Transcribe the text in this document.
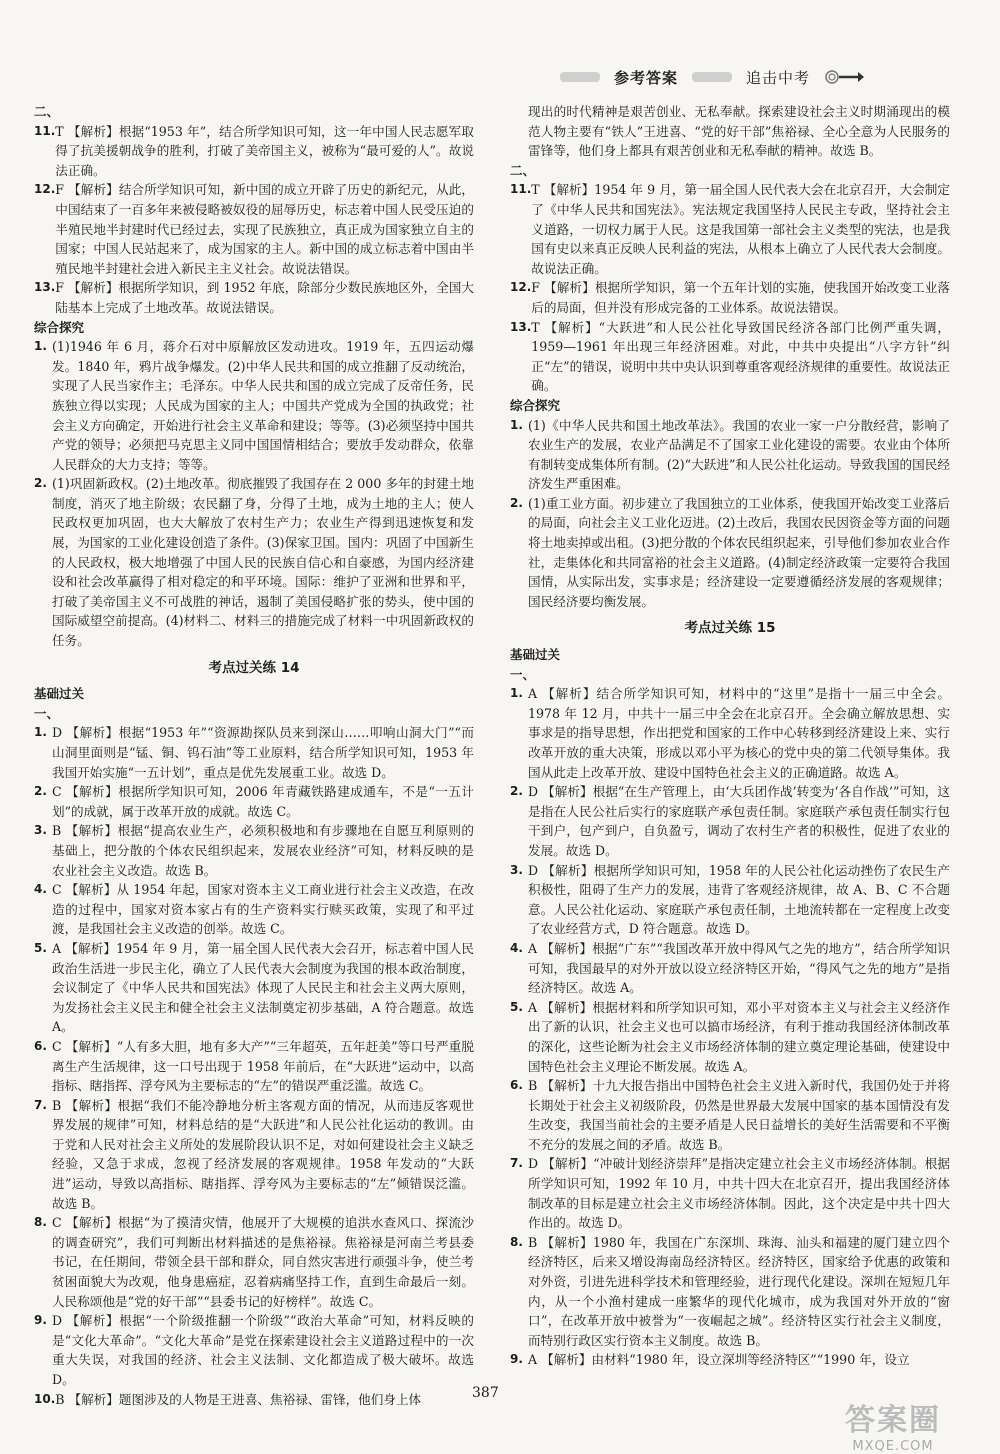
参考答案	追击中考

二、

11. T 【解析】根据“1953 年”，结合所学知识可知，这一年中国人民志愿军取得了抗美援朝战争的胜利，打破了美帝国主义，被称为“最可爱的人”。故说法正确。
12. F 【解析】结合所学知识可知，新中国的成立开辟了历史的新纪元，从此，中国结束了一百多年来被侵略被奴役的屈辱历史，标志着中国人民受压迫的半殖民地半封建时代已经过去，实现了民族独立，真正成为国家独立自主的国家；中国人民站起来了，成为国家的主人。新中国的成立标志着中国由半殖民地半封建社会进入新民主主义社会。故说法错误。
13. F 【解析】根据所学知识，到 1952 年底，除部分少数民族地区外，全国大陆基本上完成了土地改革。故说法错误。

综合探究

1. (1)1946 年 6 月，蒋介石对中原解放区发动进攻。1919 年，五四运动爆发。1840 年，鸦片战争爆发。(2)中华人民共和国的成立推翻了反动统治，实现了人民当家作主；毛泽东。中华人民共和国的成立完成了反帝任务，民族独立得以实现；人民成为国家的主人；中国共产党成为全国的执政党；社会主义方向确定，开始进行社会主义革命和建设；等等。(3)必须坚持中国共产党的领导；必须把马克思主义同中国国情相结合；要放手发动群众，依靠人民群众的大力支持；等等。
2. (1)巩固新政权。(2)土地改革。彻底摧毁了我国存在 2 000 多年的封建土地制度，消灭了地主阶级；农民翻了身，分得了土地，成为土地的主人；使人民政权更加巩固，也大大解放了农村生产力；农业生产得到迅速恢复和发展，为国家的工业化建设创造了条件。(3)保家卫国。国内：巩固了中国新生的人民政权，极大地增强了中国人民的民族自信心和自豪感，为国内经济建设和社会改革赢得了相对稳定的和平环境。国际：维护了亚洲和世界和平，打破了美帝国主义不可战胜的神话，遏制了美国侵略扩张的势头，使中国的国际威望空前提高。(4)材料二、材料三的措施完成了材料一中巩固新政权的任务。

考点过关练 14

基础过关

一、

1. D 【解析】根据“1953 年”“资源勘探队员来到深山……叩响山洞大门”“而山洞里面则是“锰、铜、钨石油”等工业原料，结合所学知识可知，1953 年我国开始实施“一五计划”，重点是优先发展重工业。故选 D。
2. C 【解析】根据所学知识可知，2006 年青藏铁路建成通车，不是“一五计划”的成就，属于改革开放的成就。故选 C。
3. B 【解析】根据“提高农业生产，必须积极地和有步骤地在自愿互利原则的基础上，把分散的个体农民组织起来，发展农业经济”可知，材料反映的是农业社会主义改造。故选 B。
4. C 【解析】从 1954 年起，国家对资本主义工商业进行社会主义改造，在改造的过程中，国家对资本家占有的生产资料实行赎买政策，实现了和平过渡，是我国社会主义改造的创举。故选 C。
5. A 【解析】1954 年 9 月，第一届全国人民代表大会召开，标志着中国人民政治生活进一步民主化，确立了人民代表大会制度为我国的根本政治制度，会议制定了《中华人民共和国宪法》体现了人民民主和社会主义两大原则，为发扬社会主义民主和健全社会主义法制奠定初步基础，A 符合题意。故选 A。
6. C 【解析】“人有多大胆，地有多大产”“三年超英，五年赶美”等口号严重脱离生产生活规律，这一口号出现于 1958 年前后，在“大跃进”运动中，以高指标、瞎指挥、浮夸风为主要标志的“左”的错误严重泛滥。故选 C。
7. B 【解析】根据“我们不能冷静地分析主客观方面的情况，从而违反客观世界发展的规律”可知，材料总结的是“大跃进”和人民公社化运动的教训。由于党和人民对社会主义所处的发展阶段认识不足，对如何建设社会主义缺乏经验，又急于求成，忽视了经济发展的客观规律。1958 年发动的“大跃进”运动，导致以高指标、瞎指挥、浮夸风为主要标志的“左”倾错误泛滥。故选 B。
8. C 【解析】根据“为了摸清灾情，他展开了大规模的追洪水查风口、探流沙的调查研究”，我们可判断出材料描述的是焦裕禄。焦裕禄是河南兰考县委书记，在任期间，带领全县干部和群众，同自然灾害进行顽强斗争，使兰考贫困面貌大为改观，他身患癌症，忍着病痛坚持工作，直到生命最后一刻。人民称颂他是“党的好干部”“县委书记的好榜样”。故选 C。
9. D 【解析】根据“一个阶级推翻一个阶级”“政治大革命”可知，材料反映的是“文化大革命”。“文化大革命”是党在探索建设社会主义道路过程中的一次重大失误，对我国的经济、社会主义法制、文化都造成了极大破坏。故选 D。
10. B 【解析】题图涉及的人物是王进喜、焦裕禄、雷锋，他们身上体

现出的时代精神是艰苦创业、无私奉献。探索建设社会主义时期涌现出的模范人物主要有“铁人”王进喜、“党的好干部”焦裕禄、全心全意为人民服务的雷锋等，他们身上都具有艰苦创业和无私奉献的精神。故选 B。

二、

11. T 【解析】1954 年 9 月，第一届全国人民代表大会在北京召开，大会制定了《中华人民共和国宪法》。宪法规定我国坚持人民民主专政，坚持社会主义道路，一切权力属于人民。这是我国第一部社会主义类型的宪法，也是我国有史以来真正反映人民利益的宪法，从根本上确立了人民代表大会制度。故说法正确。
12. F 【解析】根据所学知识，第一个五年计划的实施，使我国开始改变工业落后的局面，但并没有形成完备的工业体系。故说法错误。
13. T 【解析】“大跃进”和人民公社化导致国民经济各部门比例严重失调，1959—1961 年出现三年经济困难。对此，中共中央提出“八字方针”纠正“左”的错误，说明中共中央认识到尊重客观经济规律的重要性。故说法正确。

综合探究

1. (1)《中华人民共和国土地改革法》。我国的农业一家一户分散经营，影响了农业生产的发展，农业产品满足不了国家工业化建设的需要。农业由个体所有制转变成集体所有制。(2)“大跃进”和人民公社化运动。导致我国的国民经济发生严重困难。
2. (1)重工业方面。初步建立了我国独立的工业体系，使我国开始改变工业落后的局面，向社会主义工业化迈进。(2)土改后，我国农民因资金等方面的问题将土地卖掉或出租。(3)把分散的个体农民组织起来，引导他们参加农业合作社，走集体化和共同富裕的社会主义道路。(4)制定经济政策一定要符合我国国情，从实际出发，实事求是；经济建设一定要遵循经济发展的客观规律；国民经济要均衡发展。

考点过关练 15

基础过关

一、

1. A 【解析】结合所学知识可知，材料中的“这里”是指十一届三中全会。1978 年 12 月，中共十一届三中全会在北京召开。全会确立解放思想、实事求是的指导思想，作出把党和国家的工作中心转移到经济建设上来、实行改革开放的重大决策，形成以邓小平为核心的党中央的第二代领导集体。我国从此走上改革开放、建设中国特色社会主义的正确道路。故选 A。
2. D 【解析】根据“在生产管理上，由‘大兵团作战’转变为‘各自作战’”可知，这是指在人民公社后实行的家庭联产承包责任制。家庭联产承包责任制实行包干到户，包产到户，自负盈亏，调动了农村生产者的积极性，促进了农业的发展。故选 D。
3. D 【解析】根据所学知识可知，1958 年的人民公社化运动挫伤了农民生产积极性，阻碍了生产力的发展，违背了客观经济规律，故 A、B、C 不合题意。人民公社化运动、家庭联产承包责任制，土地流转都在一定程度上改变了农业经营方式，D 符合题意。故选 D。
4. A 【解析】根据“广东”“我国改革开放中得风气之先的地方”，结合所学知识可知，我国最早的对外开放以设立经济特区开始，“得风气之先的地方”是指经济特区。故选 A。
5. A 【解析】根据材料和所学知识可知，邓小平对资本主义与社会主义经济作出了新的认识，社会主义也可以搞市场经济，有利于推动我国经济体制改革的深化，这些论断为社会主义市场经济体制的建立奠定理论基础，使建设中国特色社会主义理论不断发展。故选 A。
6. B 【解析】十九大报告指出中国特色社会主义进入新时代，我国仍处于并将长期处于社会主义初级阶段，仍然是世界最大发展中国家的基本国情没有发生改变，我国当前社会的主要矛盾是人民日益增长的美好生活需要和不平衡不充分的发展之间的矛盾。故选 B。
7. D 【解析】“冲破计划经济崇拜”是指决定建立社会主义市场经济体制。根据所学知识可知，1992 年 10 月，中共十四大在北京召开，提出我国经济体制改革的目标是建立社会主义市场经济体制。因此，这个决定是中共十四大作出的。故选 D。
8. B 【解析】1980 年，我国在广东深圳、珠海、汕头和福建的厦门建立四个经济特区，后来又增设海南岛经济特区。经济特区，国家给予优惠的政策和对外资，引进先进科学技术和管理经验，进行现代化建设。深圳在短短几年内，从一个小渔村建成一座繁华的现代化城市，成为我国对外开放的“窗口”，在改革开放中被誉为“一夜崛起之城”。经济特区实行社会主义制度，而特别行政区实行资本主义制度。故选 B。
9. A 【解析】由材料“1980 年，设立深圳等经济特区”“1990 年，设立
387
答案圈
MXQE.COM
